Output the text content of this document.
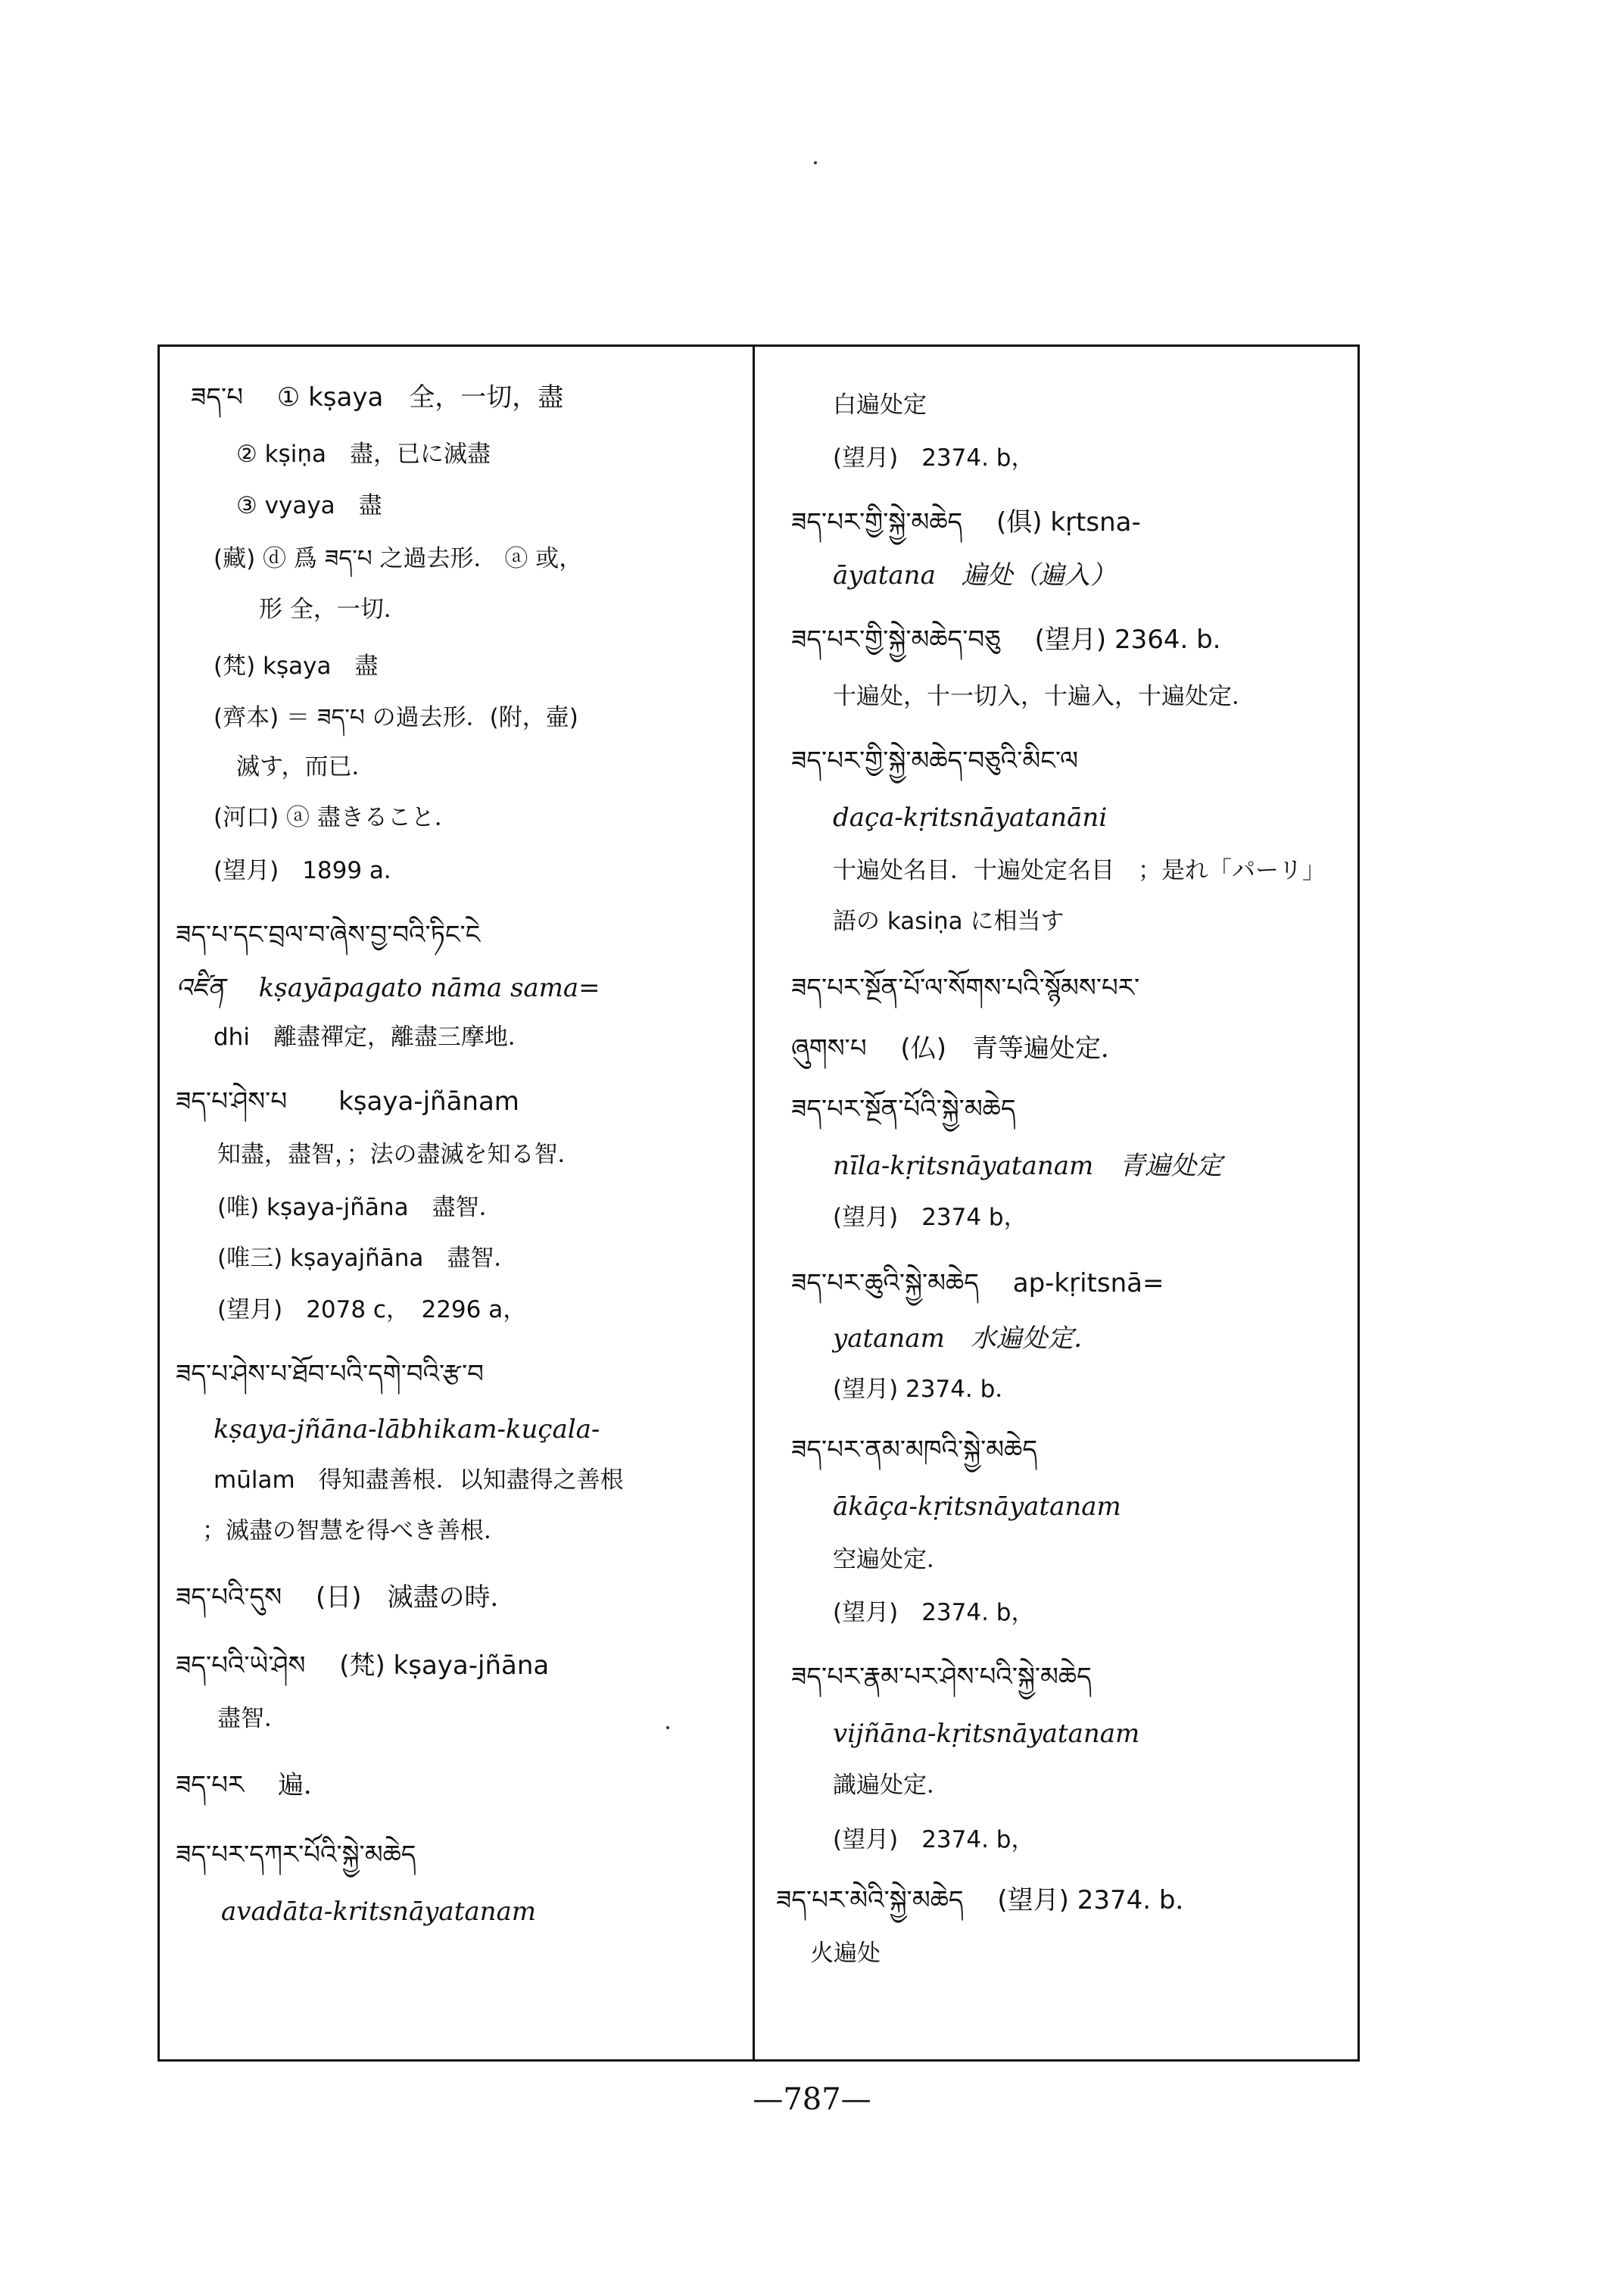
ཟད་པ　 ① kṣaya　全，一切，盡
② kṣiṇa　盡，已に滅盡
③ vyaya　盡
(藏) ⓓ 爲 ཟད་པ 之過去形． ⓐ 或，
形 全，一切．
(梵) kṣaya　盡
(齊本) ＝ ཟད་པ の過去形．(附，壷)
滅す，而已．
(河口) ⓐ 盡きること．
(望月)　1899 a．
ཟད་པ་དང་བྲལ་བ་ཞེས་བྱ་བའི་ཏིང་ངེ
འཛིན　 kṣayāpagato nāma sama=
dhi　離盡禪定，離盡三摩地．
ཟད་པ་ཤེས་པ　　kṣaya-jñānam
知盡，盡智，；法の盡滅を知る智．
(唯) kṣaya-jñāna　盡智．
(唯三) kṣayajñāna　盡智．
(望月)　2078 c，　2296 a，
ཟད་པ་ཤེས་པ་ཐོབ་པའི་དགེ་བའི་རྩ་བ
kṣaya-jñāna-lābhikam-kuçala-
mūlam　得知盡善根．以知盡得之善根
；滅盡の智慧を得べき善根．
ཟད་པའི་དུས　 (日)　滅盡の時．
ཟད་པའི་ཡེ་ཤེས　 (梵) kṣaya-jñāna
盡智．
ཟད་པར　 遍．
ཟད་པར་དཀར་པོའི་སྐྱེ་མཆེད
avadāta-kritsnāyatanam
白遍处定
(望月)　2374. b，
ཟད་པར་གྱི་སྐྱེ་མཆེད　 (俱) kṛtsna-
āyatana　遍处（遍入）
ཟད་པར་གྱི་སྐྱེ་མཆེད་བཅུ　 (望月) 2364. b.
十遍处，十一切入，十遍入，十遍处定．
ཟད་པར་གྱི་སྐྱེ་མཆེད་བཅུའི་མིང་ལ
daça-kṛitsnāyatanāni
十遍处名目．十遍处定名目　；是れ「パーリ」
語の kasiṇa に相当す
ཟད་པར་སྔོན་པོ་ལ་སོགས་པའི་སྙོམས་པར་
ཞུགས་པ　 (仏)　青等遍处定．
ཟད་པར་སྔོན་པོའི་སྐྱེ་མཆེད
nīla-kṛitsnāyatanam　青遍处定
(望月)　2374 b，
ཟད་པར་ཆུའི་སྐྱེ་མཆེད　 ap-kṛitsnā=
yatanam　水遍处定．
(望月) 2374. b．
ཟད་པར་ནམ་མཁའི་སྐྱེ་མཆེད
ākāça-kṛitsnāyatanam
空遍处定．
(望月)　2374. b，
ཟད་པར་རྣམ་པར་ཤེས་པའི་སྐྱེ་མཆེད
vijñāna-kṛitsnāyatanam
識遍处定．
(望月)　2374. b，
ཟད་པར་མེའི་སྐྱེ་མཆེད　 (望月) 2374. b．
火遍处
—787—
